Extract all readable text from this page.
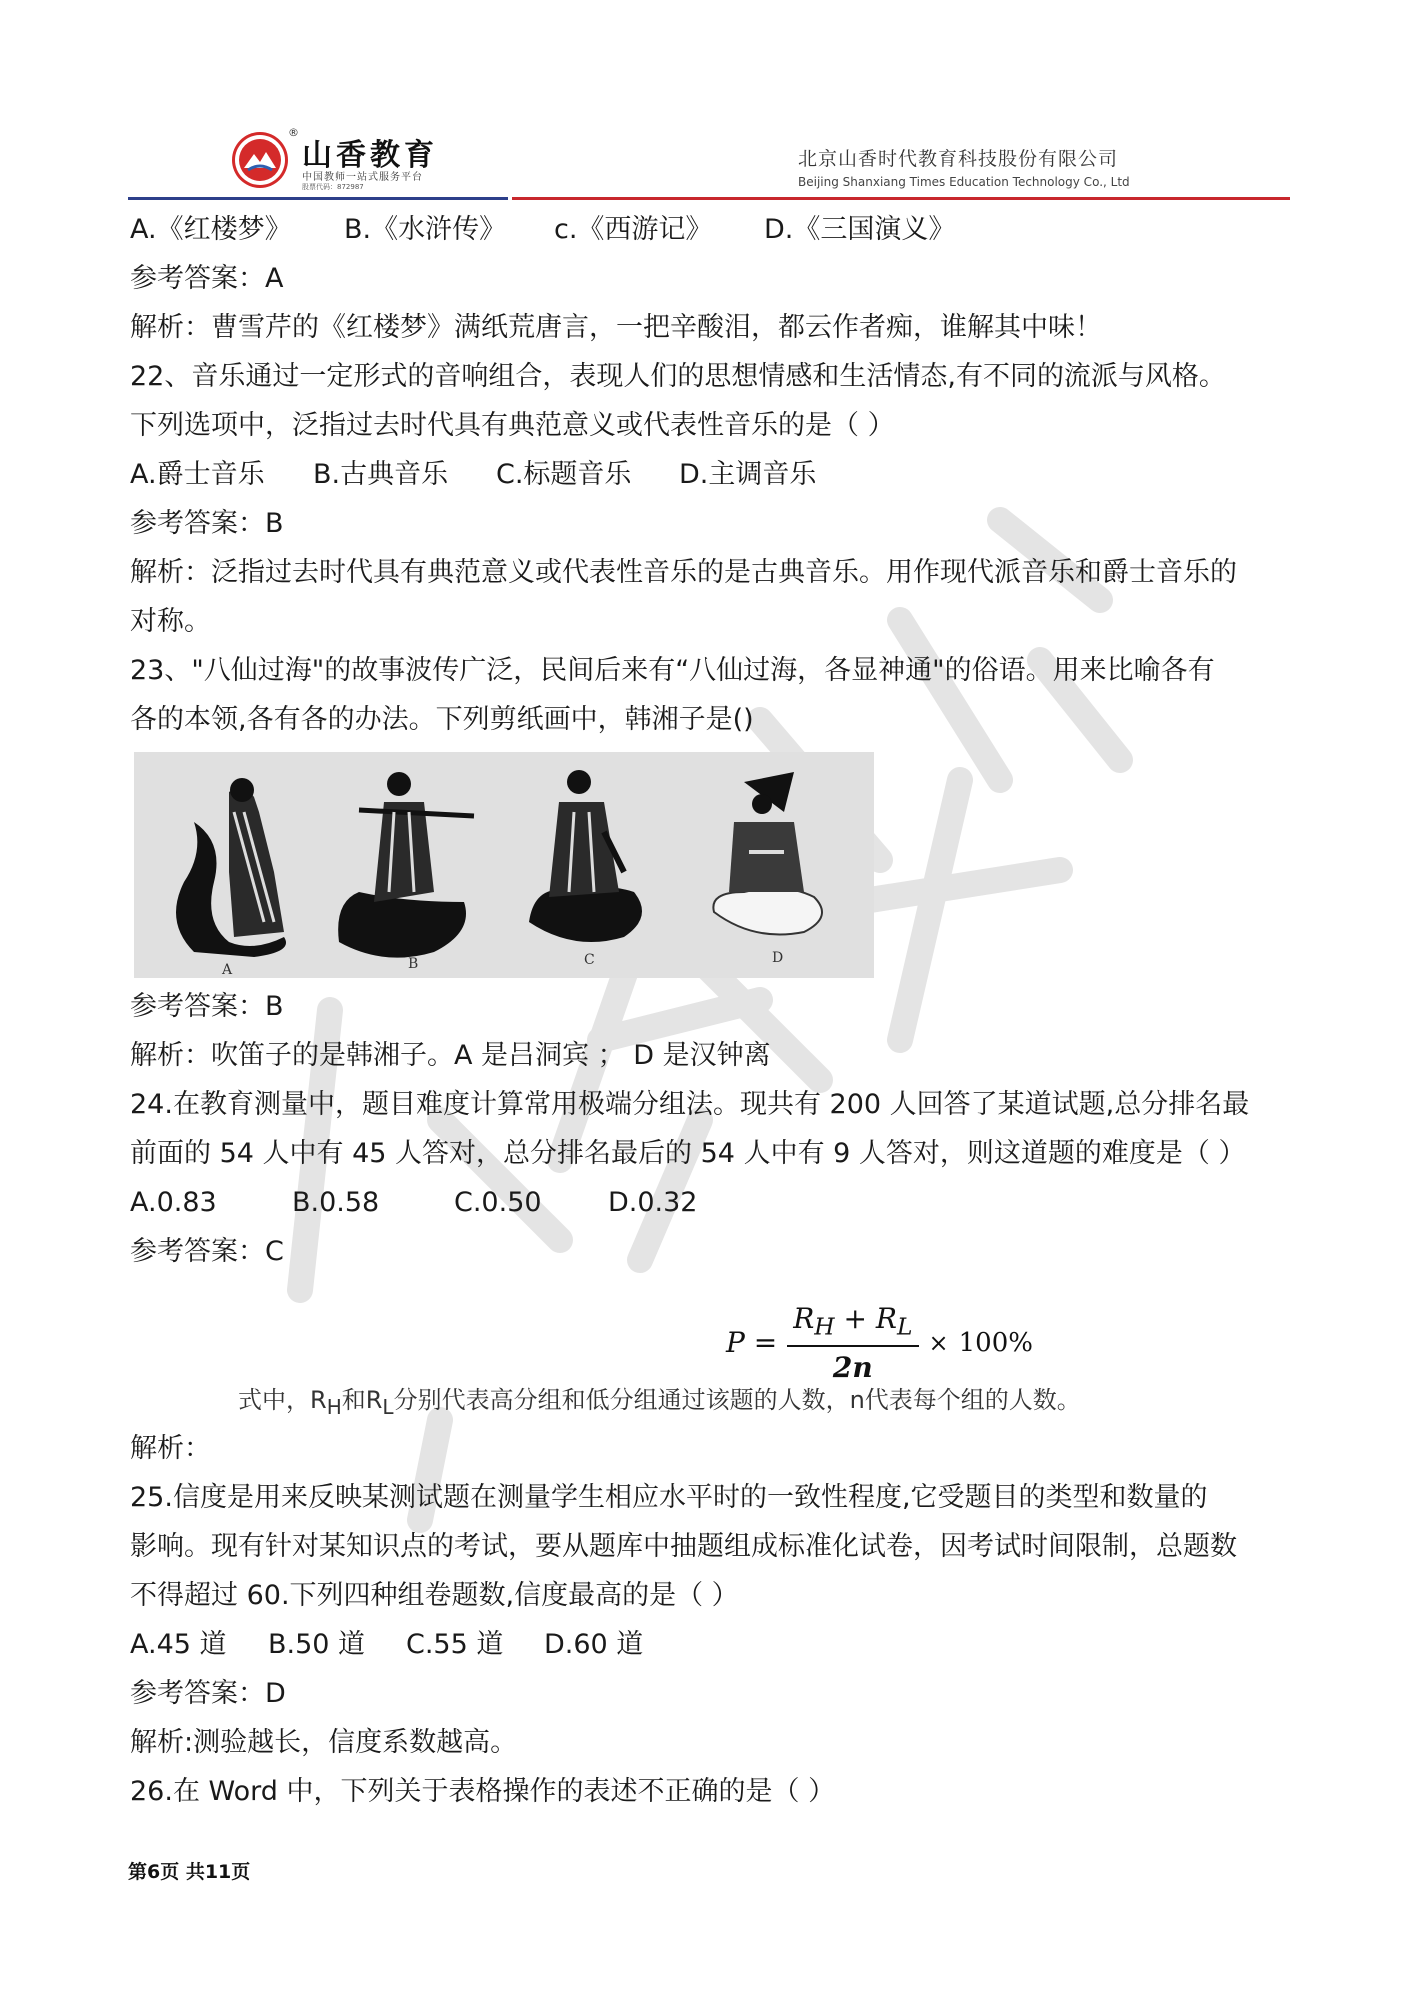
®
山香教育
中国教师一站式服务平台
股票代码：872987
北京山香时代教育科技股份有限公司
Beijing Shanxiang Times Education Technology Co., Ltd
A.《红楼梦》 B.《水浒传》 c.《西游记》 D.《三国演义》
参考答案：A
解析：曹雪芹的《红楼梦》满纸荒唐言，一把辛酸泪，都云作者痴，谁解其中味！
22、音乐通过一定形式的音响组合，表现人们的思想情感和生活情态,有不同的流派与风格。
下列选项中，泛指过去时代具有典范意义或代表性音乐的是（ ）
A.爵士音乐 B.古典音乐 C.标题音乐 D.主调音乐
参考答案：B
解析：泛指过去时代具有典范意义或代表性音乐的是古典音乐。用作现代派音乐和爵士音乐的
对称。
23、"八仙过海"的故事波传广泛，民间后来有“八仙过海，各显神通"的俗语。用来比喻各有
各的本领,各有各的办法。下列剪纸画中，韩湘子是()
A	B	C	D
参考答案：B
解析：吹笛子的是韩湘子。A 是吕洞宾 ； D 是汉钟离
24.在教育测量中，题目难度计算常用极端分组法。现共有 200 人回答了某道试题,总分排名最
前面的 54 人中有 45 人答对，总分排名最后的 54 人中有 9 人答对，则这道题的难度是（ ）
A.0.83	B.0.58	C.0.50 D.0.32
参考答案：C
$P = \frac{R_H + R_L}{2n} \times 100\%$
式中，$R_H$和$R_L$分别代表高分组和低分组通过该题的人数，n代表每个组的人数。
解析：
25.信度是用来反映某测试题在测量学生相应水平时的一致性程度,它受题目的类型和数量的
影响。现有针对某知识点的考试，要从题库中抽题组成标准化试卷，因考试时间限制，总题数
不得超过 60.下列四种组卷题数,信度最高的是（ ）
A.45 道 B.50 道 C.55 道 D.60 道
参考答案：D
解析:测验越长，信度系数越高。
26.在 Word 中，下列关于表格操作的表述不正确的是（ ）
第6页 共11页
